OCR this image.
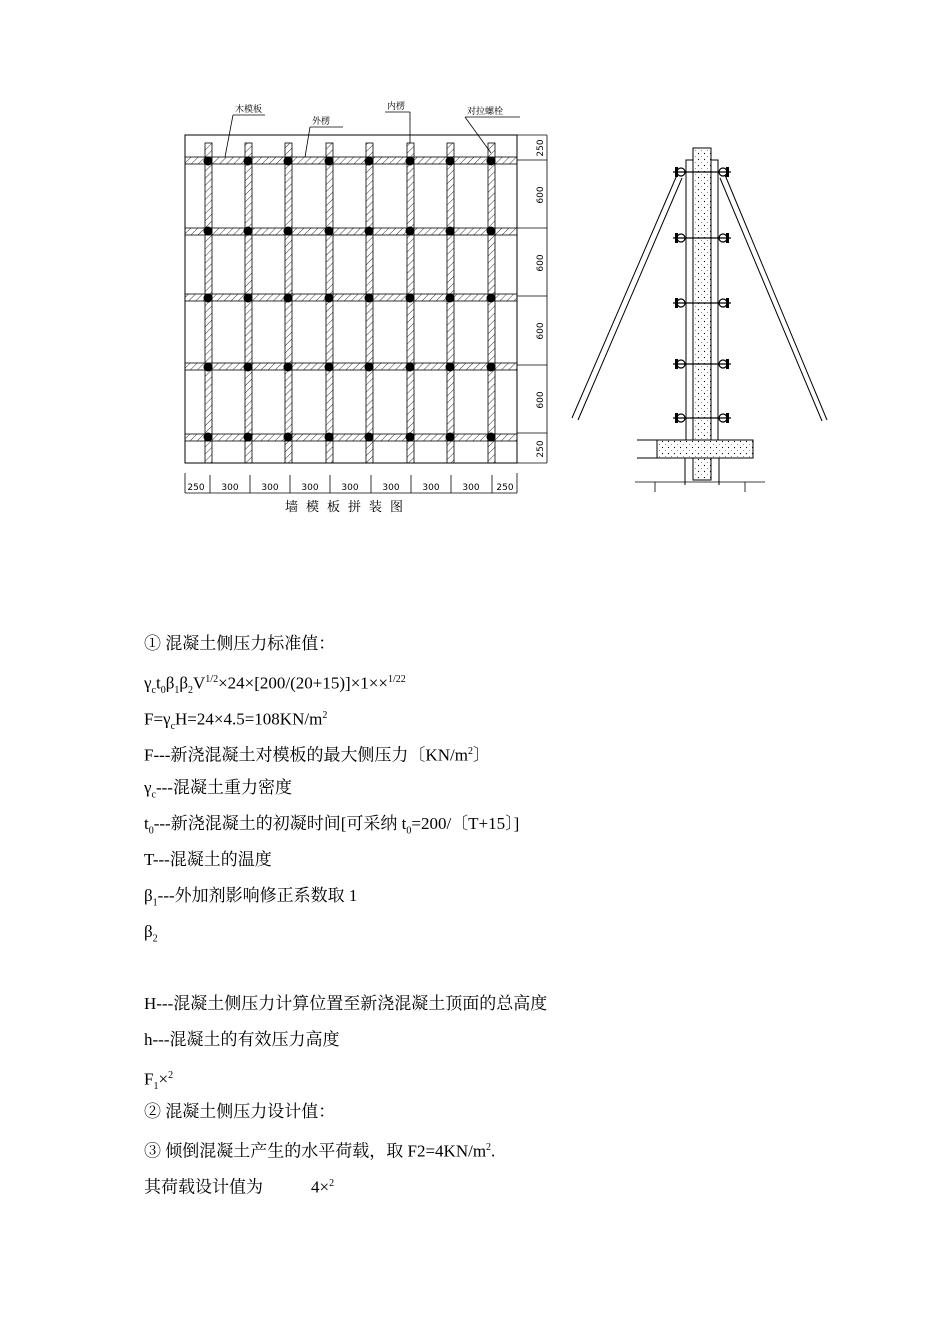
木模板
外楞
内楞	对拉螺栓
250
600
600
600
600
250
250 300	300	300	300	300	300	300 250
墙模板拼装图
① 混凝土侧压力标准值：
$\gamma_ct_0\beta_1\beta_2V^{1/2}\times 24\times[200/(20+15)]\times 1\times\times^{1/22}$
$F=\gamma_cH=24\times 4.5=108KN/m^2$
F---新浇混凝土对模板的最大侧压力〔$KN/m^2$〕
$\gamma_c---$混凝土重力密度
$t_0---$新浇混凝土的初凝时间[可采纳 $t_0=200/$〔T+15〕]
T---混凝土的温度
$\beta_1---$外加剂影响修正系数取 1
$\beta_2$
H---混凝土侧压力计算位置至新浇混凝土顶面的总高度
h---混凝土的有效压力高度
$F_1\times^2$
② 混凝土侧压力设计值：
③ 倾倒混凝土产生的水平荷载，取 $F2=4KN/m^2$.
其荷载设计值为	4×$^2$
